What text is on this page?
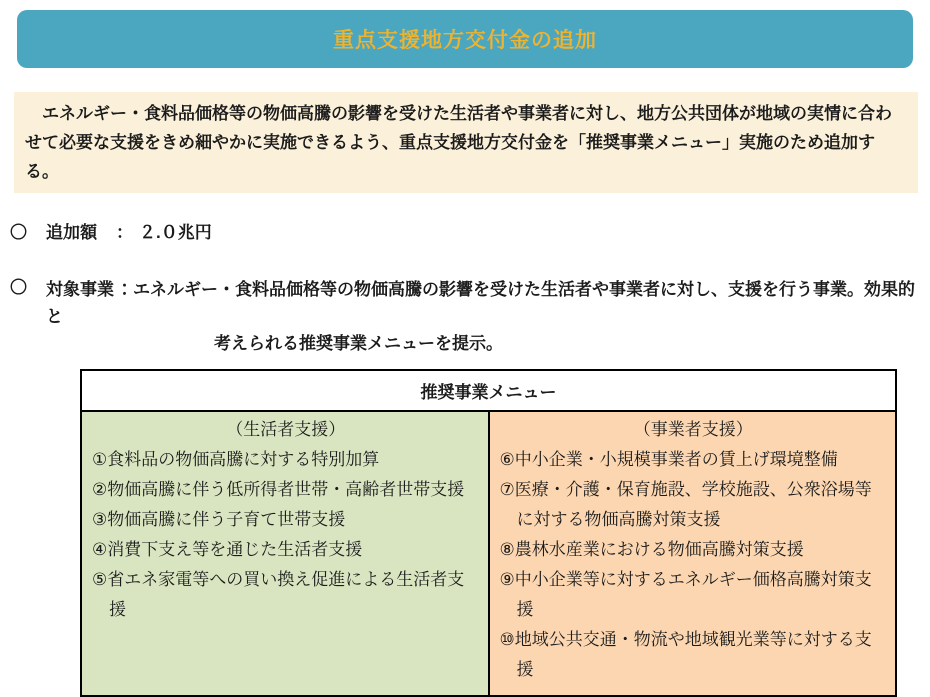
重点支援地方交付金の追加

　エネルギー・食料品価格等の物価高騰の影響を受けた生活者や事業者に対し、地方公共団体が地域の実情に合わせて必要な支援をきめ細やかに実施できるよう、重点支援地方交付金を「推奨事業メニュー」実施のため追加する。

〇	追加額	： ２.０兆円
〇	対象事業 ：エネルギー・食料品価格等の物価高騰の影響を受けた生活者や事業者に対し、支援を行う事業。効果的と
考えられる推奨事業メニューを提示。
推奨事業メニュー
（生活者支援）
①食料品の物価高騰に対する特別加算
②物価高騰に伴う低所得者世帯・高齢者世帯支援
③物価高騰に伴う子育て世帯支援
④消費下支え等を通じた生活者支援
⑤省エネ家電等への買い換え促進による生活者支援
（事業者支援）
⑥中小企業・小規模事業者の賃上げ環境整備
⑦医療・介護・保育施設、学校施設、公衆浴場等に対する物価高騰対策支援
⑧農林水産業における物価高騰対策支援
⑨中小企業等に対するエネルギー価格高騰対策支援
⑩地域公共交通・物流や地域観光業等に対する支援
